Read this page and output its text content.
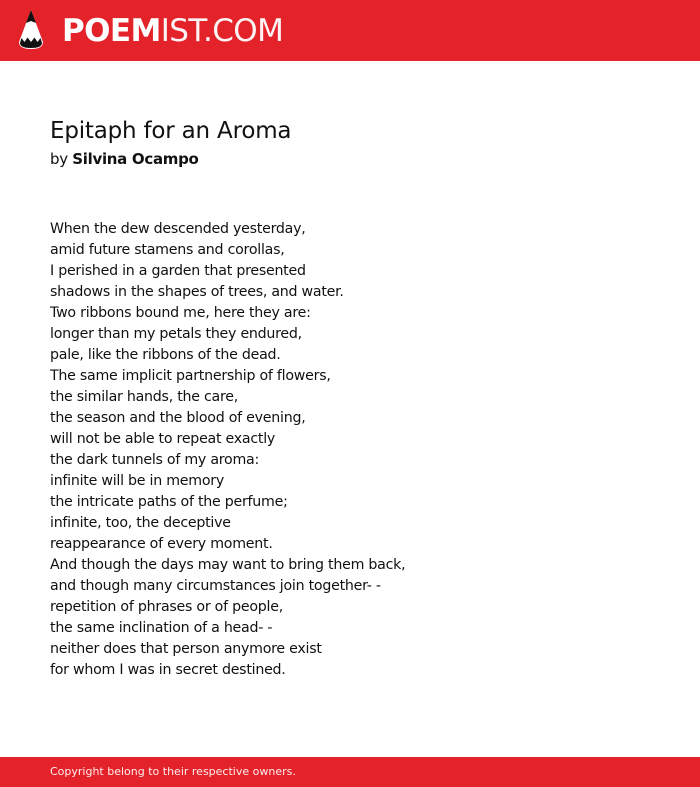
POEMIST.COM
Epitaph for an Aroma
by Silvina Ocampo
When the dew descended yesterday,
amid future stamens and corollas,
I perished in a garden that presented
shadows in the shapes of trees, and water.
Two ribbons bound me, here they are:
longer than my petals they endured,
pale, like the ribbons of the dead.
The same implicit partnership of flowers,
the similar hands, the care,
the season and the blood of evening,
will not be able to repeat exactly
the dark tunnels of my aroma:
infinite will be in memory
the intricate paths of the perfume;
infinite, too, the deceptive
reappearance of every moment.
And though the days may want to bring them back,
and though many circumstances join together- -
repetition of phrases or of people,
the same inclination of a head- -
neither does that person anymore exist
for whom I was in secret destined.
Copyright belong to their respective owners.
